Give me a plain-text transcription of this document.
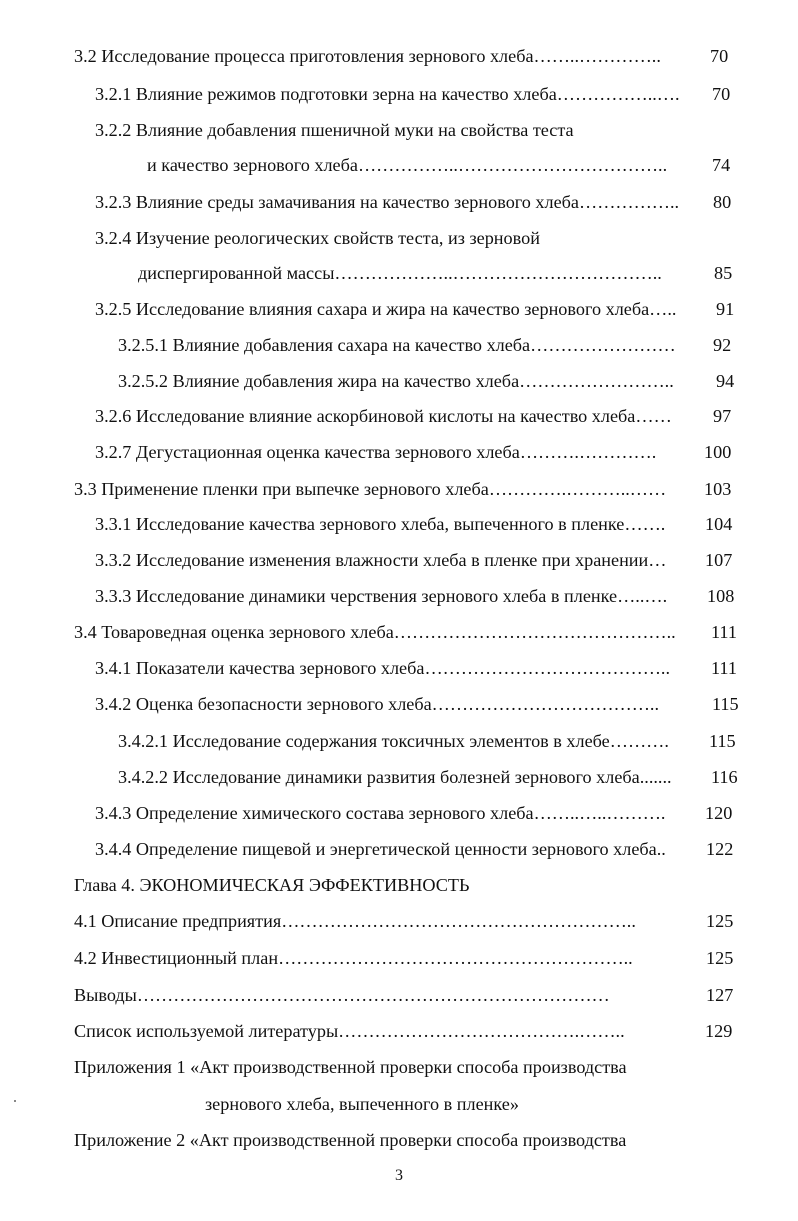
3.2 Исследование процесса приготовления зернового хлеба ……..…………..	70
3.2.1 Влияние режимов подготовки зерна на качество хлеба ……………..…. 70
3.2.2 Влияние добавления пшеничной муки на свойства теста
и качество зернового хлеба ……………..…………………………….. 74
3.2.3 Влияние среды замачивания на качество зернового хлеба …………….. 80
3.2.4 Изучение реологических свойств теста, из зерновой
диспергированной массы ………………..……………………………..	85
3.2.5 Исследование влияния сахара и жира на качество зернового хлеба ….. 91
3.2.5.1 Влияние добавления сахара на качество хлеба …………………… 92
3.2.5.2 Влияние добавления жира на качество хлеба …………………….. 94
3.2.6 Исследование влияние аскорбиновой кислоты на качество хлеба …… 97
3.2.7 Дегустационная оценка качества зернового хлеба ……….………….	100
3.3 Применение пленки при выпечке зернового хлеба ………….………..…… 103
3.3.1 Исследование качества зернового хлеба, выпеченного в пленке ……. 104
3.3.2 Исследование изменения влажности хлеба в пленке при хранении … 107
3.3.3 Исследование динамики черствения зернового хлеба в пленке …..…. 108
3.4 Товароведная оценка зернового хлеба ……………………………………….. 111
3.4.1 Показатели качества зернового хлеба ………………………………….. 111
3.4.2 Оценка безопасности зернового хлеба ………………………………..	115
3.4.2.1 Исследование содержания токсичных элементов в хлебе ………. 115
3.4.2.2 Исследование динамики развития болезней зернового хлеба ....... 116
3.4.3 Определение химического состава зернового хлеба ……..…..………. 120
3.4.4 Определение пищевой и энергетической ценности зернового хлеба .. 122
Глава 4. ЭКОНОМИЧЕСКАЯ ЭФФЕКТИВНОСТЬ
4.1 Описание предприятия …………………………………………………..	125
4.2 Инвестиционный план …………………………………………………..	125
Выводы ……………………………………………………………………	127
Список используемой литературы ………………………………….……..	129
Приложения 1 «Акт производственной проверки способа производства
зернового хлеба, выпеченного в пленке»
Приложение 2 «Акт производственной проверки способа производства
3
